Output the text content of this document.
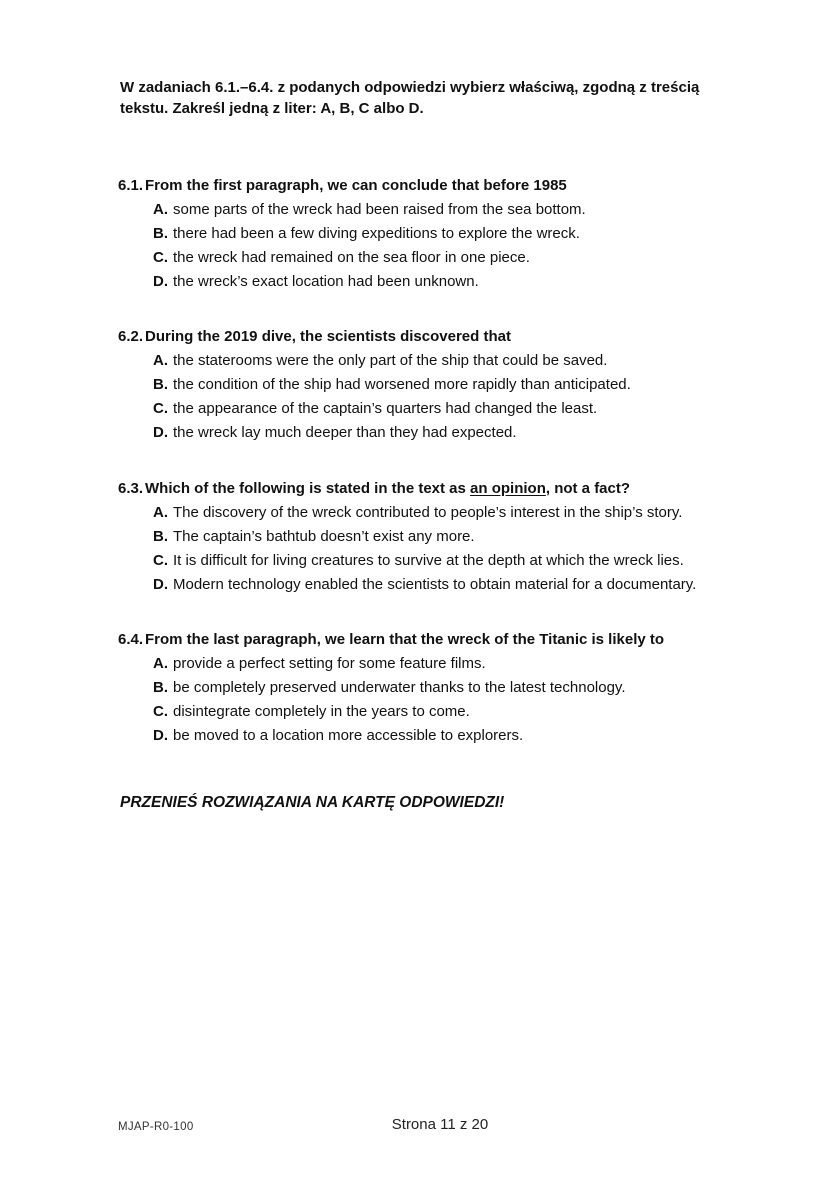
W zadaniach 6.1.–6.4. z podanych odpowiedzi wybierz właściwą, zgodną z treścią
tekstu. Zakreśl jedną z liter: A, B, C albo D.
6.1. From the first paragraph, we can conclude that before 1985
A. some parts of the wreck had been raised from the sea bottom.
B. there had been a few diving expeditions to explore the wreck.
C. the wreck had remained on the sea floor in one piece.
D. the wreck’s exact location had been unknown.
6.2. During the 2019 dive, the scientists discovered that
A. the staterooms were the only part of the ship that could be saved.
B. the condition of the ship had worsened more rapidly than anticipated.
C. the appearance of the captain’s quarters had changed the least.
D. the wreck lay much deeper than they had expected.
6.3. Which of the following is stated in the text as an opinion, not a fact?
A. The discovery of the wreck contributed to people’s interest in the ship’s story.
B. The captain’s bathtub doesn’t exist any more.
C. It is difficult for living creatures to survive at the depth at which the wreck lies.
D. Modern technology enabled the scientists to obtain material for a documentary.
6.4. From the last paragraph, we learn that the wreck of the Titanic is likely to
A. provide a perfect setting for some feature films.
B. be completely preserved underwater thanks to the latest technology.
C. disintegrate completely in the years to come.
D. be moved to a location more accessible to explorers.
PRZENIEŚ ROZWIĄZANIA NA KARTĘ ODPOWIEDZI!
MJAP-R0-100	Strona 11 z 20
